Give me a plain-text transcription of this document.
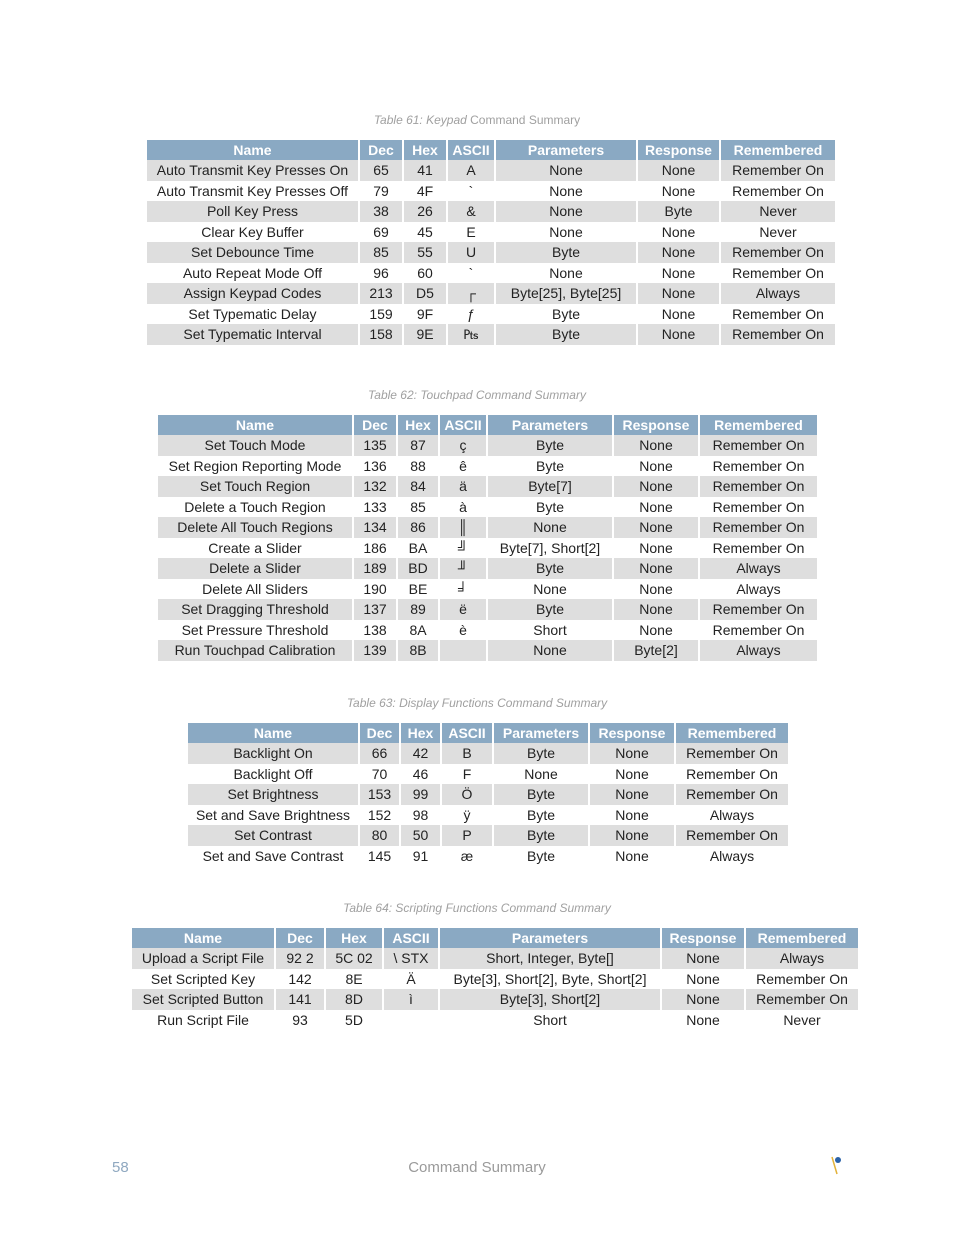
Table 61: Keypad Command Summary
Name	Dec	Hex	ASCII	Parameters	Response	Remembered
Auto Transmit Key Presses On	65	41	A	None	None	Remember On
Auto Transmit Key Presses Off	79	4F	`	None	None	Remember On
Poll Key Press	38	26	&	None	Byte	Never
Clear Key Buffer	69	45	E	None	None	Never
Set Debounce Time	85	55	U	Byte	None	Remember On
Auto Repeat Mode Off	96	60	`	None	None	Remember On
Assign Keypad Codes	213	D5	┌	Byte[25], Byte[25]	None	Always
Set Typematic Delay	159	9F	ƒ	Byte	None	Remember On
Set Typematic Interval	158	9E	₧	Byte	None	Remember On
Table 62: Touchpad Command Summary
Name	Dec	Hex	ASCII	Parameters	Response	Remembered
Set Touch Mode	135	87	ç	Byte	None	Remember On
Set Region Reporting Mode	136	88	ê	Byte	None	Remember On
Set Touch Region	132	84	ä	Byte[7]	None	Remember On
Delete a Touch Region	133	85	à	Byte	None	Remember On
Delete All Touch Regions	134	86	║	None	None	Remember On
Create a Slider	186	BA	╝	Byte[7], Short[2]	None	Remember On
Delete a Slider	189	BD	╜	Byte	None	Always
Delete All Sliders	190	BE	╛	None	None	Always
Set Dragging Threshold	137	89	ë	Byte	None	Remember On
Set Pressure Threshold	138	8A	è	Short	None	Remember On
Run Touchpad Calibration	139	8B		None	Byte[2]	Always
Table 63: Display Functions Command Summary
Name	Dec	Hex	ASCII	Parameters	Response	Remembered
Backlight On	66	42	B	Byte	None	Remember On
Backlight Off	70	46	F	None	None	Remember On
Set Brightness	153	99	Ö	Byte	None	Remember On
Set and Save Brightness	152	98	ÿ	Byte	None	Always
Set Contrast	80	50	P	Byte	None	Remember On
Set and Save Contrast	145	91	æ	Byte	None	Always
Table 64: Scripting Functions Command Summary
Name	Dec	Hex	ASCII	Parameters	Response	Remembered
Upload a Script File	92 2	5C 02	\ STX	Short, Integer, Byte[]	None	Always
Set Scripted Key	142	8E	Ä	Byte[3], Short[2], Byte, Short[2]	None	Remember On
Set Scripted Button	141	8D	ì	Byte[3], Short[2]	None	Remember On
Run Script File	93	5D		Short	None	Never
58	Command Summary
